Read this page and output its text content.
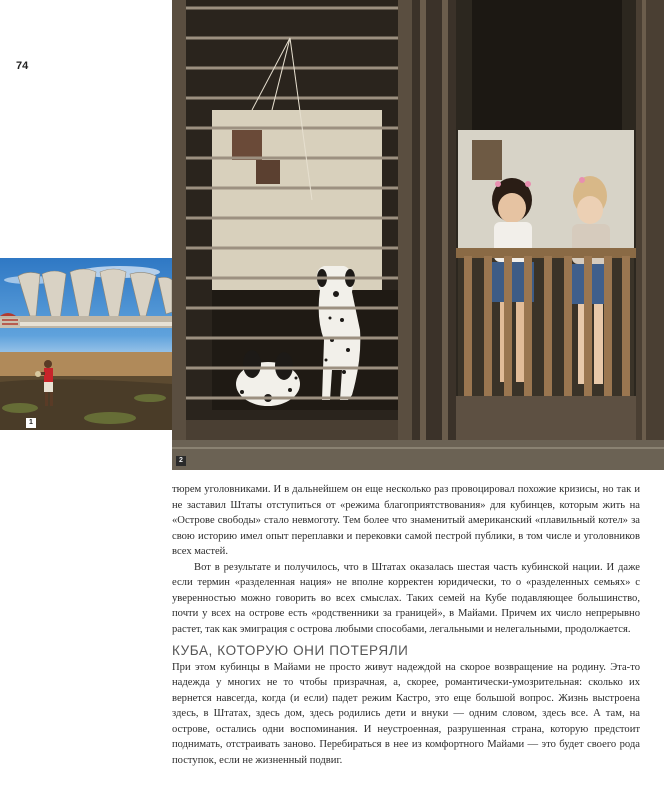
74
1
2

тюрем уголовниками. И в дальнейшем он еще несколько раз провоцировал похожие кризисы, но так и не заставил Штаты отступиться от «режима благоприятствования» для кубинцев, которым жить на «Острове свободы» стало невмоготу. Тем более что знаменитый американский «плавильный котел» за свою историю имел опыт переплавки и перековки самой пестрой публики, в том числе и уголовников всех мастей.

Вот в результате и получилось, что в Штатах оказалась шестая часть кубинской нации. И даже если термин «разделенная нация» не вполне корректен юридически, то о «разделенных семьях» с уверенностью можно говорить во всех смыслах. Таких семей на Кубе подавляющее большинство, почти у всех на острове есть «родственники за границей», в Майами. Причем их число непрерывно растет, так как эмиграция с острова любыми способами, легальными и нелегальными, продолжается.

КУБА, КОТОРУЮ ОНИ ПОТЕРЯЛИ

При этом кубинцы в Майами не просто живут надеждой на скорое возвращение на родину. Эта-то надежда у многих не то чтобы призрачная, а, скорее, романтически-умозрительная: сколько их вернется навсегда, когда (и если) падет режим Кастро, это еще большой вопрос. Жизнь выстроена здесь, в Штатах, здесь дом, здесь родились дети и внуки — одним словом, здесь все. А там, на острове, остались одни воспоминания. И неустроенная, разрушенная страна, которую предстоит поднимать, отстраивать заново. Перебираться в нее из комфортного Майами — это будет своего рода поступок, если не жизненный подвиг.
